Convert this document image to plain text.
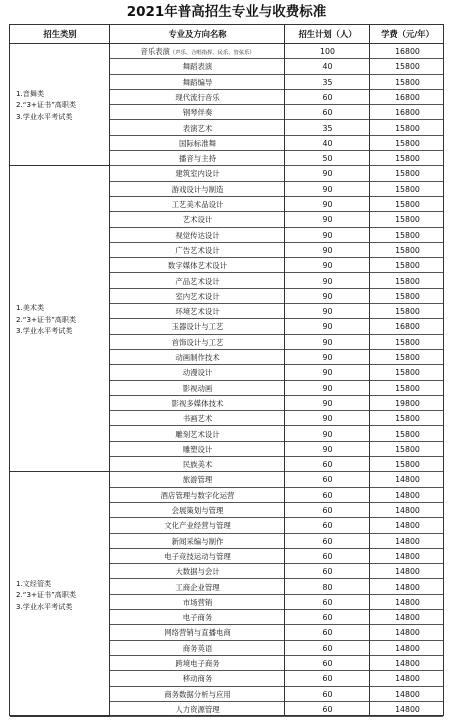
2021年普高招生专业与收费标准
招生类别	专业及方向名称	招生计划（人）	学费（元/年）
1.音舞类
2.“3+证书”高职类
3.学业水平考试类
音乐表演（声乐、合唱指挥、民乐、管弦乐）	100	16800
舞蹈表演	40	15800
舞蹈编导	35	15800
现代流行音乐	60	16800
钢琴伴奏	60	16800
表演艺术	35	15800
国际标准舞	40	15800
播音与主持	50	15800
1.美术类
2.“3+证书”高职类
3.学业水平考试类
建筑室内设计	90	15800
游戏设计与制造	90	15800
工艺美术品设计	90	15800
艺术设计	90	15800
视觉传达设计	90	15800
广告艺术设计	90	15800
数字媒体艺术设计	90	15800
产品艺术设计	90	15800
室内艺术设计	90	15800
环境艺术设计	90	15800
玉器设计与工艺	90	16800
首饰设计与工艺	90	15800
动画制作技术	90	15800
动漫设计	90	15800
影视动画	90	15800
影视多媒体技术	90	19800
书画艺术	90	15800
雕刻艺术设计	90	15800
雕塑设计	90	15800
民族美术	60	15800
1.文经管类
2.“3+证书”高职类
3.学业水平考试类
旅游管理	60	14800
酒店管理与数字化运营	60	14800
会展策划与管理	60	14800
文化产业经营与管理	60	14800
新闻采编与制作	60	14800
电子竞技运动与管理	60	14800
大数据与会计	60	14800
工商企业管理	80	14800
市场营销	60	14800
电子商务	60	14800
网络营销与直播电商	60	14800
商务英语	60	14800
跨境电子商务	60	14800
移动商务	60	14800
商务数据分析与应用	60	14800
人力资源管理	60	14800
